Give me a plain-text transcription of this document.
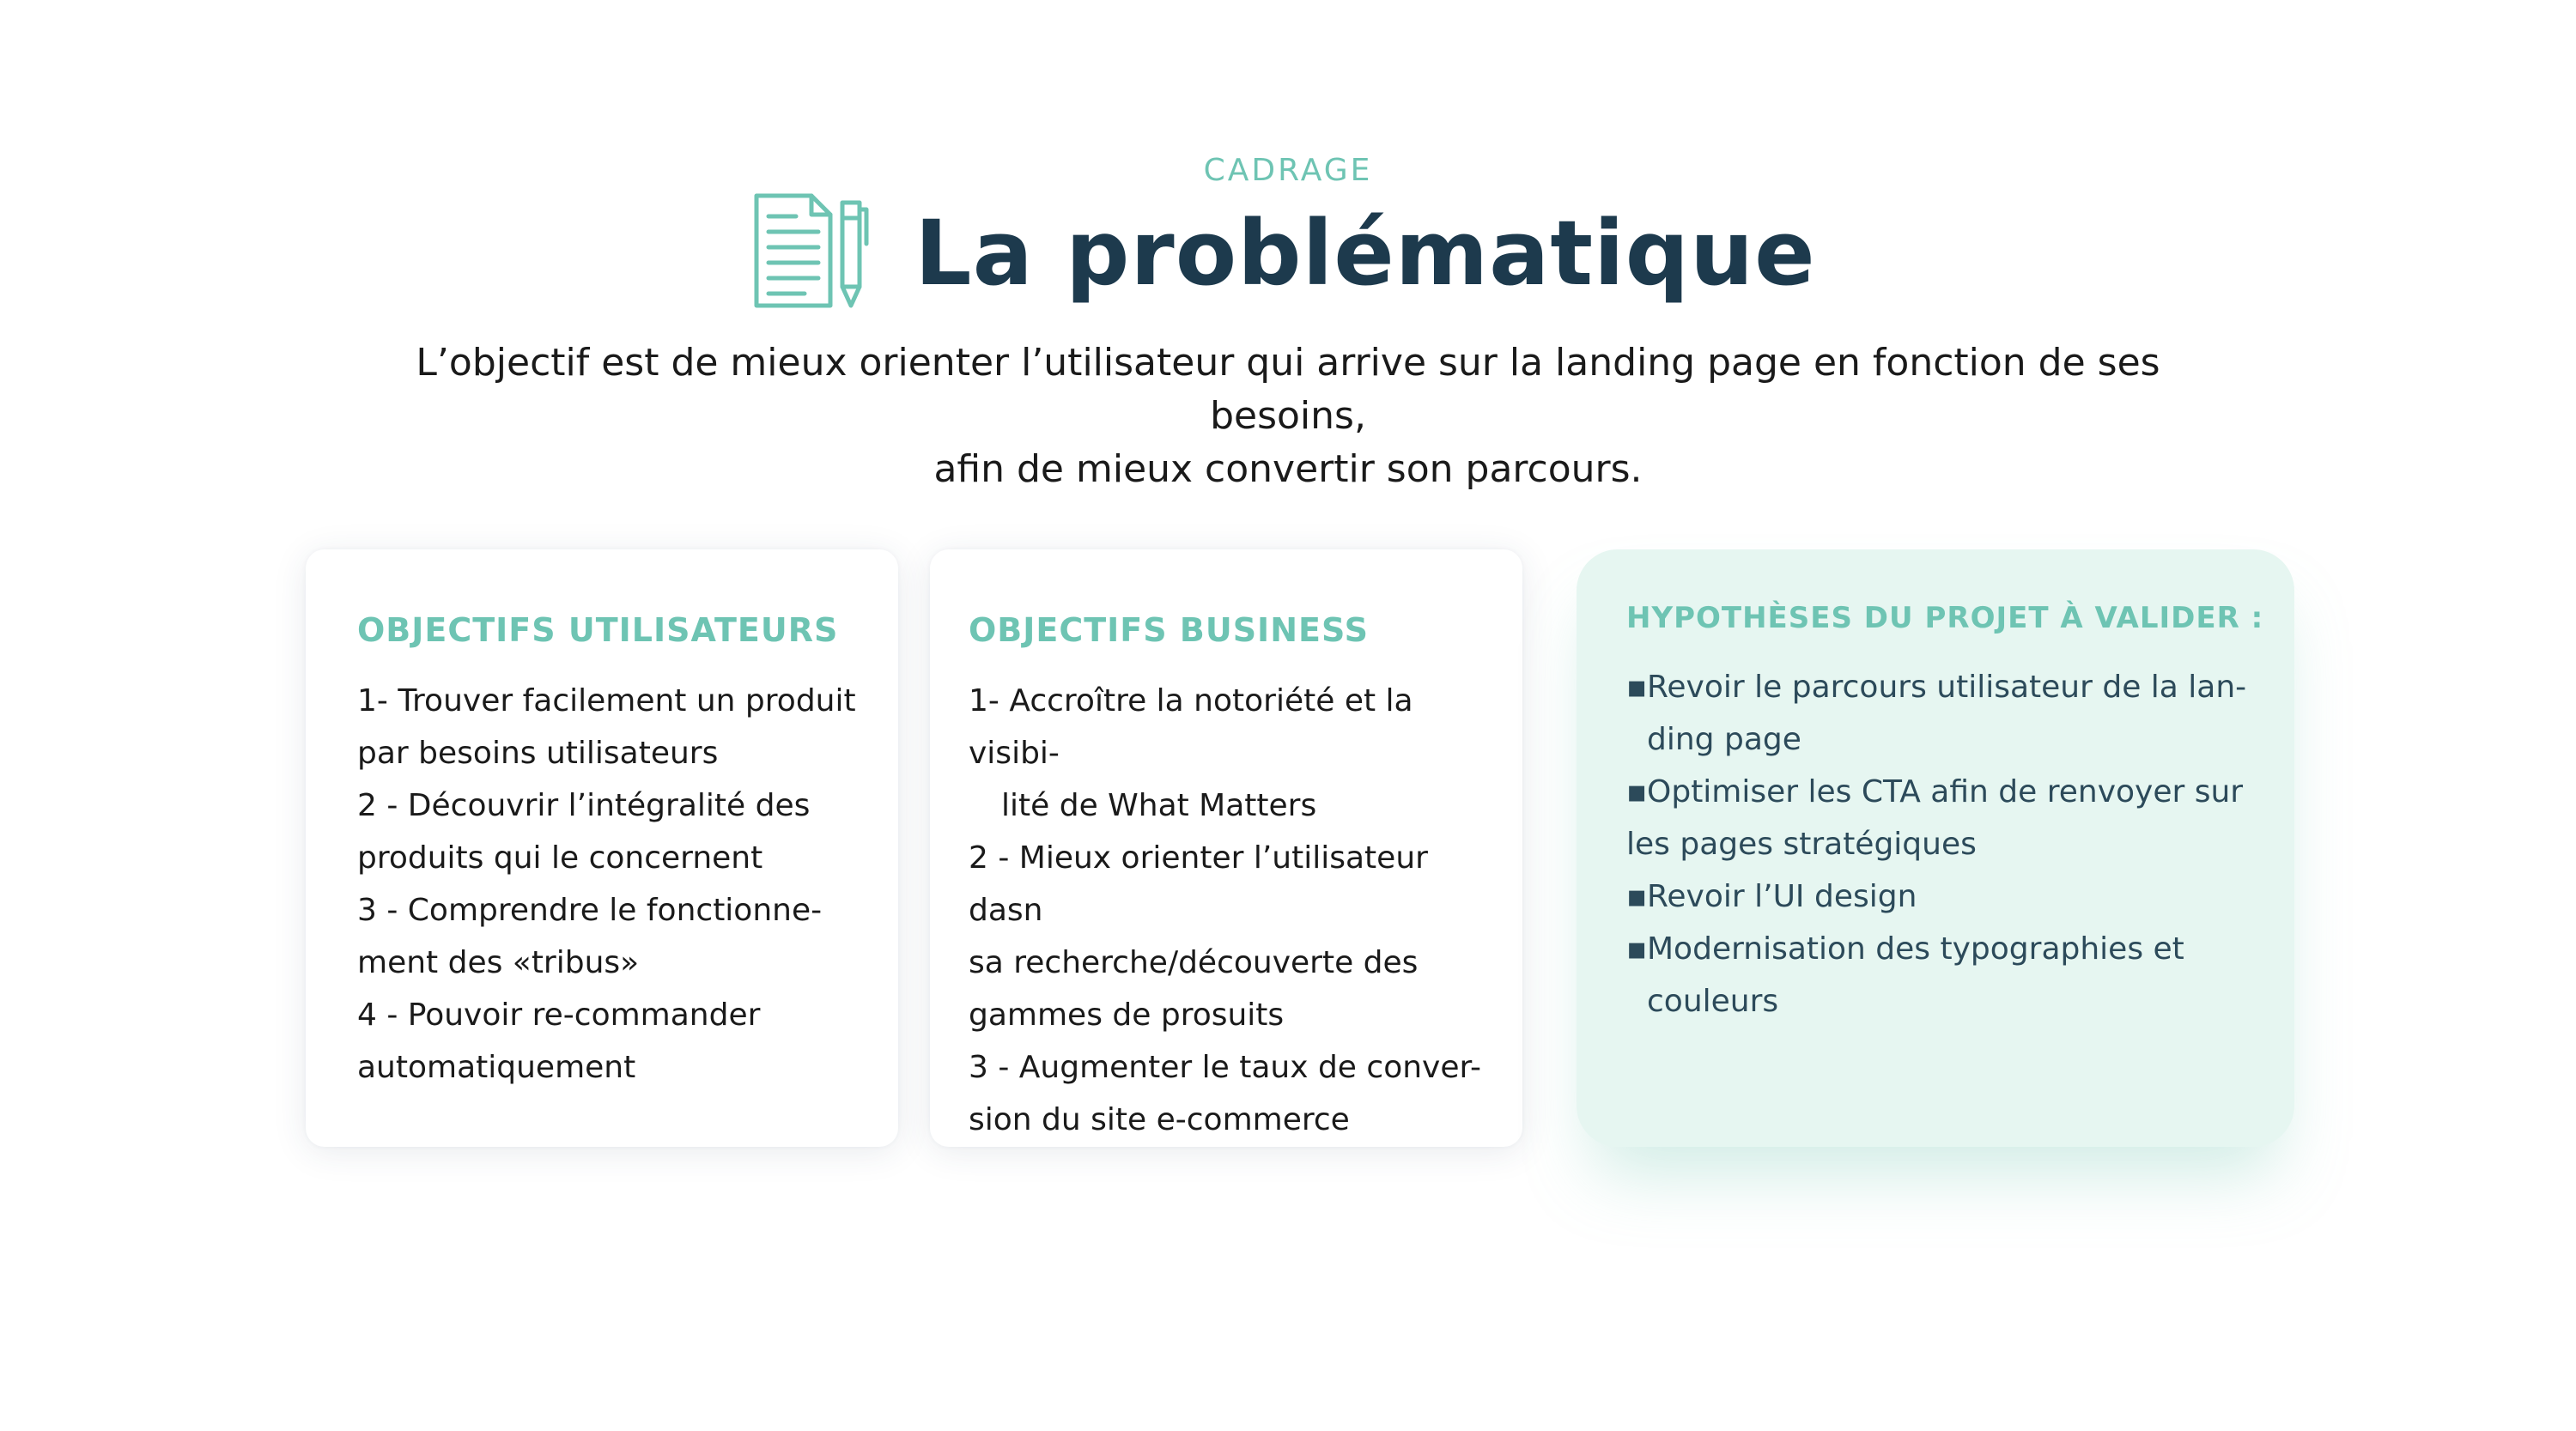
CADRAGE
La problématique
L’objectif est de mieux orienter l’utilisateur qui arrive sur la landing page en fonction de ses besoins,
afin de mieux convertir son parcours.
OBJECTIFS UTILISATEURS
1- Trouver facilement un produit
par besoins utilisateurs
2 - Découvrir l’intégralité des
produits qui le concernent
3 - Comprendre le fonctionne-
ment des «tribus»
4 - Pouvoir re-commander
automatiquement
OBJECTIFS BUSINESS
1- Accroître la notoriété et la visibi-
lité de What Matters
2 - Mieux orienter l’utilisateur dasn
sa recherche/découverte des
gammes de prosuits
3 - Augmenter le taux de conver-
sion du site e-commerce
HYPOTHÈSES DU PROJET À VALIDER :
▪Revoir le parcours utilisateur de la lan-
ding page
▪Optimiser les CTA afin de renvoyer sur
les pages stratégiques
▪Revoir l’UI design
▪Modernisation des typographies et
couleurs
